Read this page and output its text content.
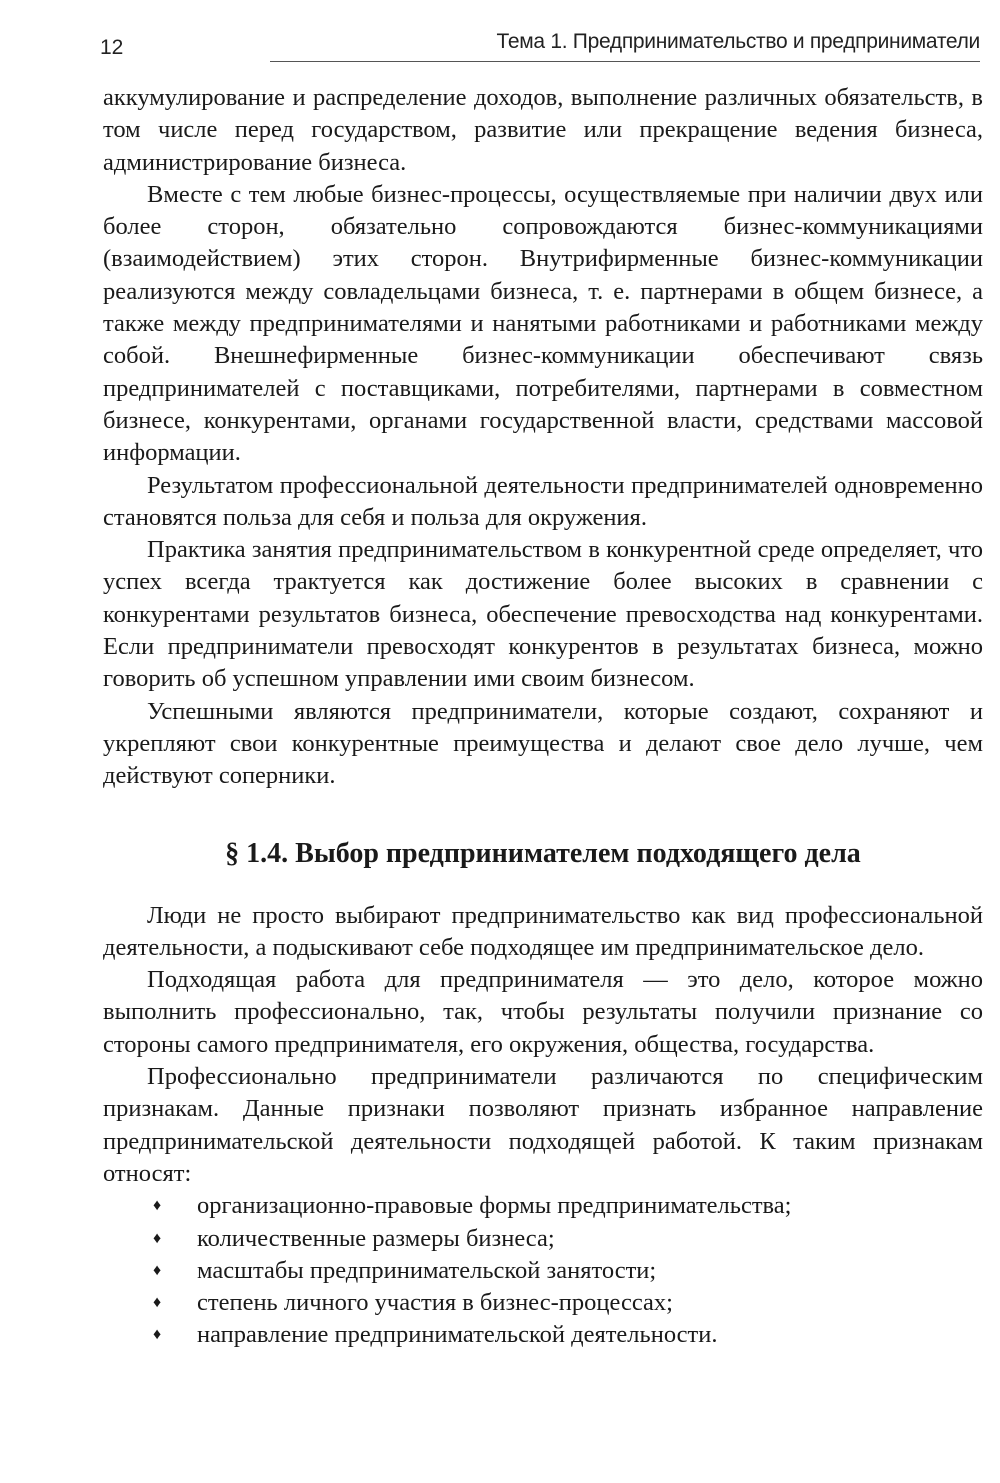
12	Тема 1. Предпринимательство и предприниматели

аккумулирование и распределение доходов, выполнение различных обязательств, в том числе перед государством, развитие или прекращение ведения бизнеса, администрирование бизнеса.

Вместе с тем любые бизнес-процессы, осуществляемые при наличии двух или более сторон, обязательно сопровождаются бизнес-коммуникациями (взаимодействием) этих сторон. Внутрифирменные бизнес-коммуникации реализуются между совладельцами бизнеса, т. е. партнерами в общем бизнесе, а также между предпринимателями и нанятыми работниками и работниками между собой. Внешнефирменные бизнес-коммуникации обеспечивают связь предпринимателей с поставщиками, потребителями, партнерами в совместном бизнесе, конкурентами, органами государственной власти, средствами массовой информации.

Результатом профессиональной деятельности предпринимателей одновременно становятся польза для себя и польза для окружения.

Практика занятия предпринимательством в конкурентной среде определяет, что успех всегда трактуется как достижение более высоких в сравнении с конкурентами результатов бизнеса, обеспечение превосходства над конкурентами. Если предприниматели превосходят конкурентов в результатах бизнеса, можно говорить об успешном управлении ими своим бизнесом.

Успешными являются предприниматели, которые создают, сохраняют и укрепляют свои конкурентные преимущества и делают свое дело лучше, чем действуют соперники.

§ 1.4. Выбор предпринимателем подходящего дела

Люди не просто выбирают предпринимательство как вид профессиональной деятельности, а подыскивают себе подходящее им предпринимательское дело.

Подходящая работа для предпринимателя — это дело, которое можно выполнить профессионально, так, чтобы результаты получили признание со стороны самого предпринимателя, его окружения, общества, государства.

Профессионально предприниматели различаются по специфическим признакам. Данные признаки позволяют признать избранное направление предпринимательской деятельности подходящей работой. К таким признакам относят:

♦ организационно-правовые формы предпринимательства;
♦ количественные размеры бизнеса;
♦ масштабы предпринимательской занятости;
♦ степень личного участия в бизнес-процессах;
♦ направление предпринимательской деятельности.
